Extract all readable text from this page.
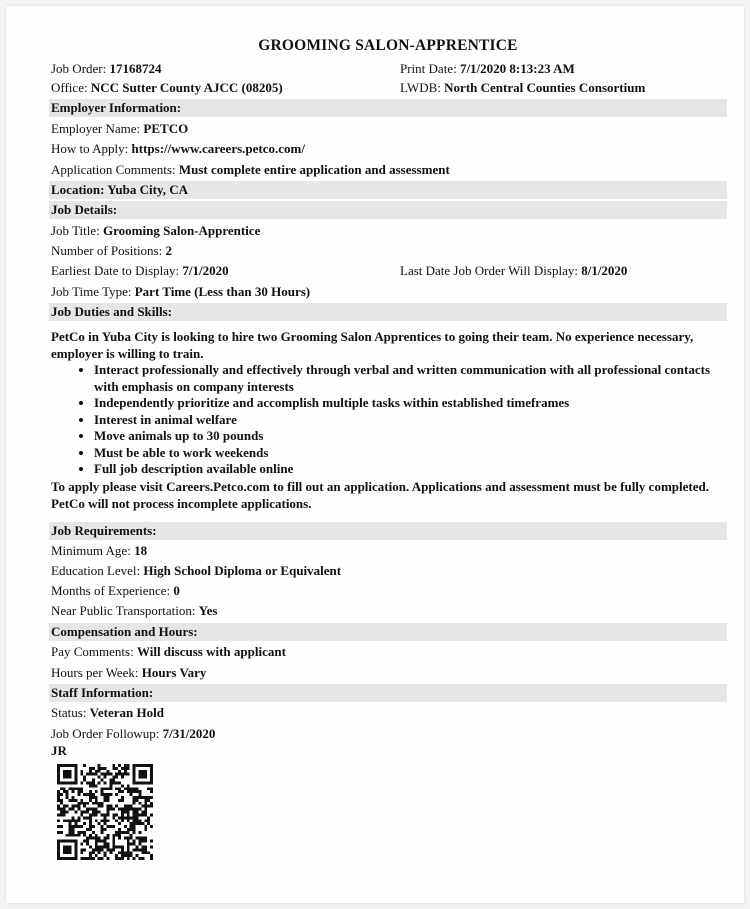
GROOMING SALON-APPRENTICE
Job Order: 17168724	Print Date: 7/1/2020 8:13:23 AM
Office: NCC Sutter County AJCC (08205)	LWDB: North Central Counties Consortium
Employer Information:
Employer Name: PETCO
How to Apply: https://www.careers.petco.com/
Application Comments: Must complete entire application and assessment
Location: Yuba City, CA
Job Details:
Job Title: Grooming Salon-Apprentice
Number of Positions: 2
Earliest Date to Display: 7/1/2020	Last Date Job Order Will Display: 8/1/2020
Job Time Type: Part Time (Less than 30 Hours)
Job Duties and Skills:
PetCo in Yuba City is looking to hire two Grooming Salon Apprentices to going their team. No experience necessary, employer is willing to train.
• Interact professionally and effectively through verbal and written communication with all professional contacts with emphasis on company interests
• Independently prioritize and accomplish multiple tasks within established timeframes
• Interest in animal welfare
• Move animals up to 30 pounds
• Must be able to work weekends
• Full job description available online
To apply please visit Careers.Petco.com to fill out an application. Applications and assessment must be fully completed. PetCo will not process incomplete applications.
Job Requirements:
Minimum Age: 18
Education Level: High School Diploma or Equivalent
Months of Experience: 0
Near Public Transportation: Yes
Compensation and Hours:
Pay Comments: Will discuss with applicant
Hours per Week: Hours Vary
Staff Information:
Status: Veteran Hold
Job Order Followup: 7/31/2020
JR
